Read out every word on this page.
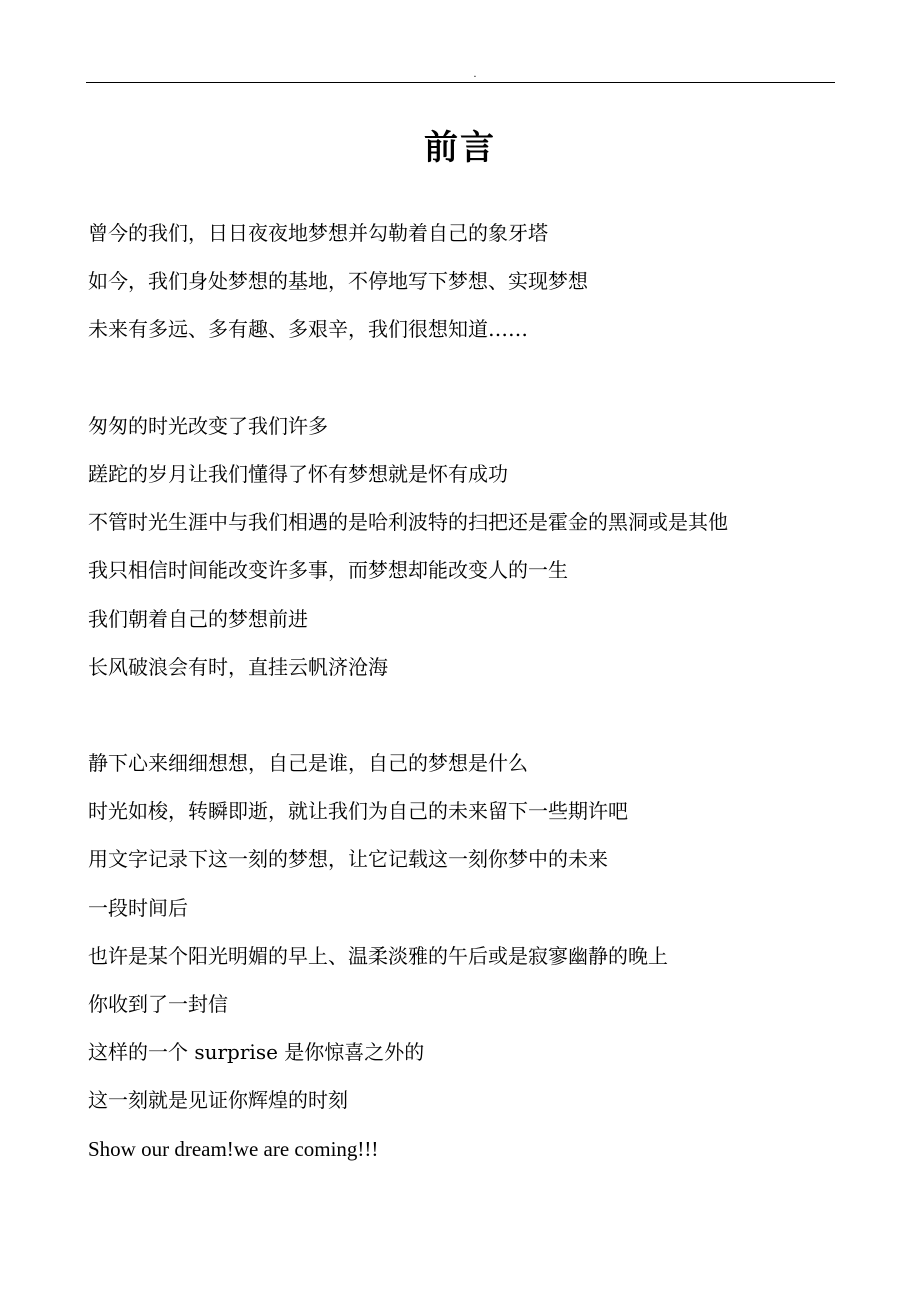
.
前言
曾今的我们，日日夜夜地梦想并勾勒着自己的象牙塔
如今，我们身处梦想的基地，不停地写下梦想、实现梦想
未来有多远、多有趣、多艰辛，我们很想知道……
匆匆的时光改变了我们许多
蹉跎的岁月让我们懂得了怀有梦想就是怀有成功
不管时光生涯中与我们相遇的是哈利波特的扫把还是霍金的黑洞或是其他
我只相信时间能改变许多事，而梦想却能改变人的一生
我们朝着自己的梦想前进
长风破浪会有时，直挂云帆济沧海
静下心来细细想想，自己是谁，自己的梦想是什么
时光如梭，转瞬即逝，就让我们为自己的未来留下一些期许吧
用文字记录下这一刻的梦想，让它记载这一刻你梦中的未来
一段时间后
也许是某个阳光明媚的早上、温柔淡雅的午后或是寂寥幽静的晚上
你收到了一封信
这样的一个 surprise 是你惊喜之外的
这一刻就是见证你辉煌的时刻
Show our dream!we are coming!!!
